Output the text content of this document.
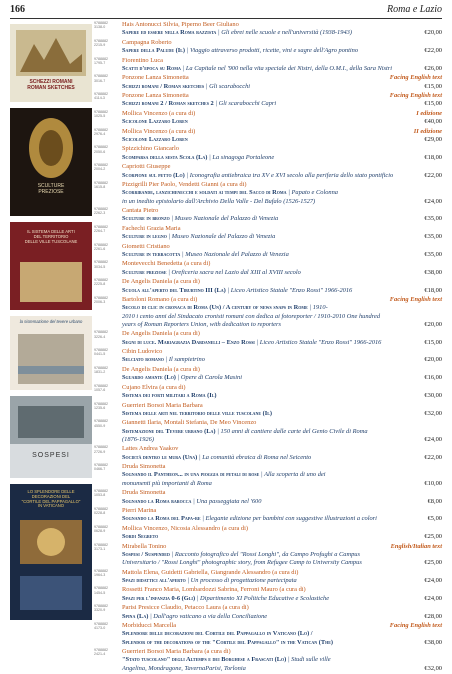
166	Roma e Lazio
SCHEZZI ROMANI
ROMAN SKETCHES
SCULTURE
PREZIOSE
IL SISTEMA DELLE ARTI
DEL TERRITORIO
DELLE VILLE TUSCOLANE
la sistemazione del tevere urbano
SOSPESI
LO SPLENDORE DELLE
DECORAZIONI DEL
"CORTILE DEL PAPPAGALLO"
IN VATICANO
9788882
3138-0	Hais Antonucci Silvia, Piperno Beer Giuliano
Sapere ed essere nella Roma razzista | Gli ebrei nelle scuole e nell'università (1938-1943)	€20,00
9788882
2215-9	Campagna Roberto
Sapere della Palude (Il) | Viaggio attraverso prodotti, ricette, vini e sagre dell'Agro pontino	€22,00
9788882
1795-7	Fiorentino Luca
Scatti d'epoca su Roma | La Capitale nel '900 nella vita speciale dei Nistri, della O.M.I., della Sara Nistri	€26,00
9788882
3016-7	Ponzone Lanza Simonetta	Facing English text
Schizzi romani / Roman sketches | Gli scarabocchi	€15,00
9788882
4114-3	Ponzone Lanza Simonetta	Facing English text
Schizzi romani 2 / Roman sketches 2 | Gli scarabocchi Capri	€15,00
9788882
1025-5	Mollica Vincenzo (a cura di)	I edizione
Scicolone Lazzaro Loren	€40,00
9788882
2976-4	Mollica Vincenzo (a cura di)	II edizione
Scicolone Lazzaro Loren	€29,00
9788882
2050-6	Spizzichino Giancarlo
Scomparsa della sesta Scola (La) | La sinagoga Portaleone	€18,00
9788882
2004-2	Capriotti Giuseppe
Scorpione sul petto (Lo) | Iconografia antiebraica tra XV e XVI secolo alla periferia dello stato pontificio	€22,00
9788882
1615-8	Pizzigrilli Pier Paolo, Vendetti Gianni (a cura di)
Scorribande, lanzichenecchi e soldati ai tempi del Sacco di Roma | Papato e Colonna
in un inedito epistolario dall'Archivio Della Valle - Del Bufalo (1526-1527)	€24,00
9788882
2262-3	Cantata Pietro
Sculture in bronzo | Museo Nazionale del Palazzo di Venezia	€35,00
9788882
2264-7	Fachechi Grazia Maria
Sculture in legno | Museo Nazionale del Palazzo di Venezia	€35,00
9788882
2261-6	Giometti Cristiano
Sculture in terracotta | Museo Nazionale del Palazzo di Venezia	€35,00
9788882
3034-5	Montevecchi Benedetta (a cura di)
Sculture preziose | Oreficeria sacra nel Lazio dal XIII al XVIII secolo	€38,00
9788882
2225-8	De Angelis Daniela (a cura di)
Scuola all'aperto del Tiburtino III (La) | Liceo Artistico Statale "Enzo Rossi" 1966-2016	€18,00
9788882
2006-3	Bartoloni Romano (a cura di)	Facing English text
Secolo di clic in cronaca di Roma (Un) / A century of news snaps in Rome | 1910-
2010 i cento anni del Sindacato cronisti romani con dedica ai fotoreporter / 1910-2010 One hundred
years of Roman Reporters Union, with dedication to reporters	€20,00
9788882
3226-4	De Angelis Daniela (a cura di)
Segni di luce. Mariagrazia Dardanelli – Enzo Rossi | Liceo Artistico Statale "Enzo Rossi" 1966-2016	€15,00
9788882
0441-5	Cibin Ludovico
Selciato romano | Il sampietrino	€20,00
9788882
1831-2	De Angelis Daniela (a cura di)
Sguardo amante (Lo) | Opere di Carola Masini	€16,00
9788882
1057-6	Cujano Elvira (a cura di)
Sistema dei forti militari a Roma (Il)	€30,00
9788882
1235-6	Guerrieri Borsoi Maria Barbara
Sistema delle arti nel territorio delle ville tuscolane (Il)	€32,00
9788882
4550-9	Giannetti Ilaria, Montali Stefania, De Meo Vincenzo
Sistemazione del Tevere urbano (La) | 150 anni di cantiere dalle carte del Genio Civile di Roma
(1876-1926)	€24,00
9788882
2726-9	Lattes Andrea Yaakov
Società dentro le mura (Una) | La comunità ebraica di Roma nel Seicento	€22,00
9788882
0466-7	Druda Simonetta
Sognando il Pantheon... in una pioggia di petali di rose | Alla scoperta di uno dei
monumenti più importanti di Roma	€10,00
9788882
1053-8	Druda Simonetta
Sognando la Roma barocca | Una passeggiata nel '600	€8,00
9788882
0228-8	Pierri Marina
Sognando la Roma del Papa-re | Elegante edizione per bambini con suggestive illustrazioni a colori	€5,00
9788882
0628-9	Mollica Vincenzo, Nicosia Alessandro (a cura di)
Sordi Segreto	€25,00
9788882
3173-1	Mirabella Tonino	English/Italian text
Sospesi / Suspended | Racconto fotografico del "Rossi Longhi", da Campo Profughi a Campus
Universitario / "Rossi Longhi" photographic story, from Refugee Camp to University Campus	€25,00
9788882
1964-3	Mattola Elena, Guidetti Gabriella, Giangrande Alessandro (a cura di)
Spazi didattici all'aperto | Un processo di progettazione partecipata	€24,00
9788882
1454-5	Rossetti Franco Maria, Lombardozzi Sabrina, Ferroni Mauro (a cura di)
Spazi per l'infanzia 0-6 (Gli) | Dipartimento XI Politiche Educative e Scolastiche	€24,00
9788882
3320-9	Parisi Presicce Claudio, Petacco Laura (a cura di)
Spina (La) | Dall'agro vaticano a via della Conciliazione	€28,00
9788882
4173-0	Morbiducci Marcella	Facing English text
Splendore delle decorazioni del Cortile del Pappagallo in Vaticano (Lo) /
Splendor of the decorations of the "Cortile del Pappagallo" in the Vatican (The)	€38,00
9788882
2421-4	Guerrieri Borsoi Maria Barbara (a cura di)
"Stato tuscolano" degli Altemps e dei Borghese a Frascati (Lo) | Studi sulle ville
Angelina, Mondragone, TavernaParisi, Torlonia	€32,00
